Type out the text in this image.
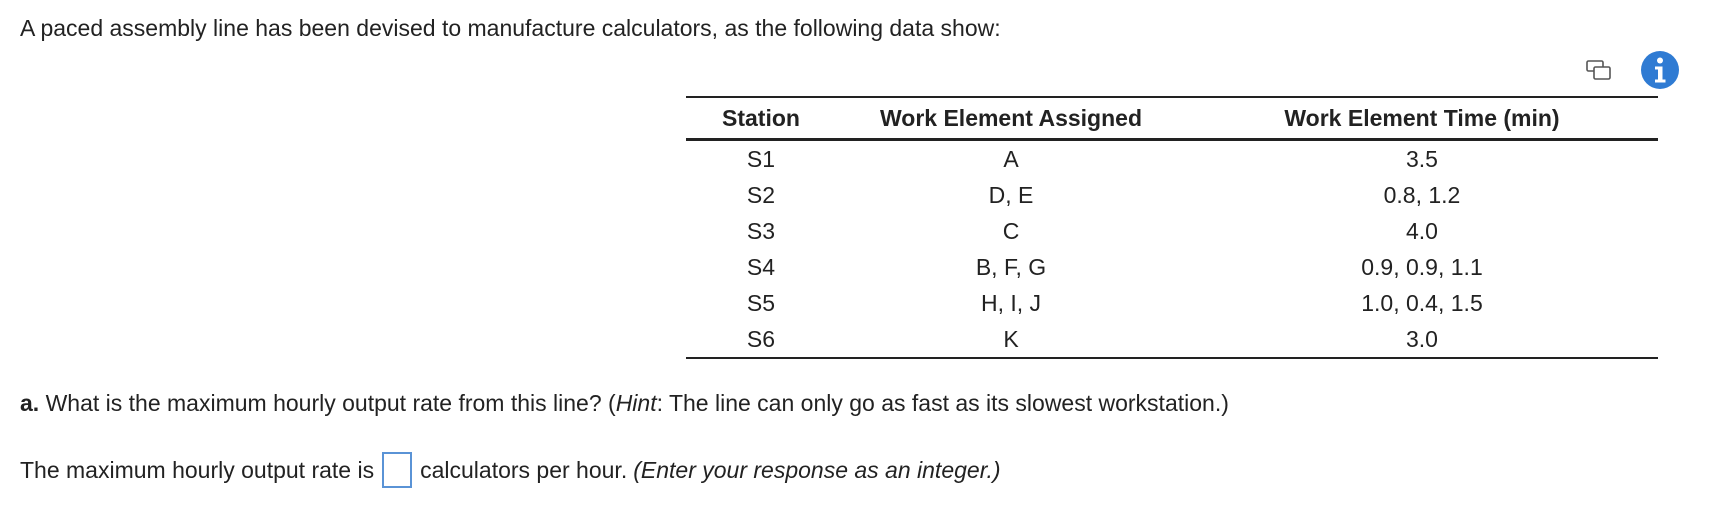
A paced assembly line has been devised to manufacture calculators, as the following data show:
Station	Work Element Assigned	Work Element Time (min)
S1	A	3.5
S2	D, E	0.8, 1.2
S3	C	4.0
S4	B, F, G	0.9, 0.9, 1.1
S5	H, I, J	1.0, 0.4, 1.5
S6	K	3.0
a. What is the maximum hourly output rate from this line? (Hint: The line can only go as fast as its slowest workstation.)
The maximum hourly output rate is calculators per hour. (Enter your response as an integer.)
